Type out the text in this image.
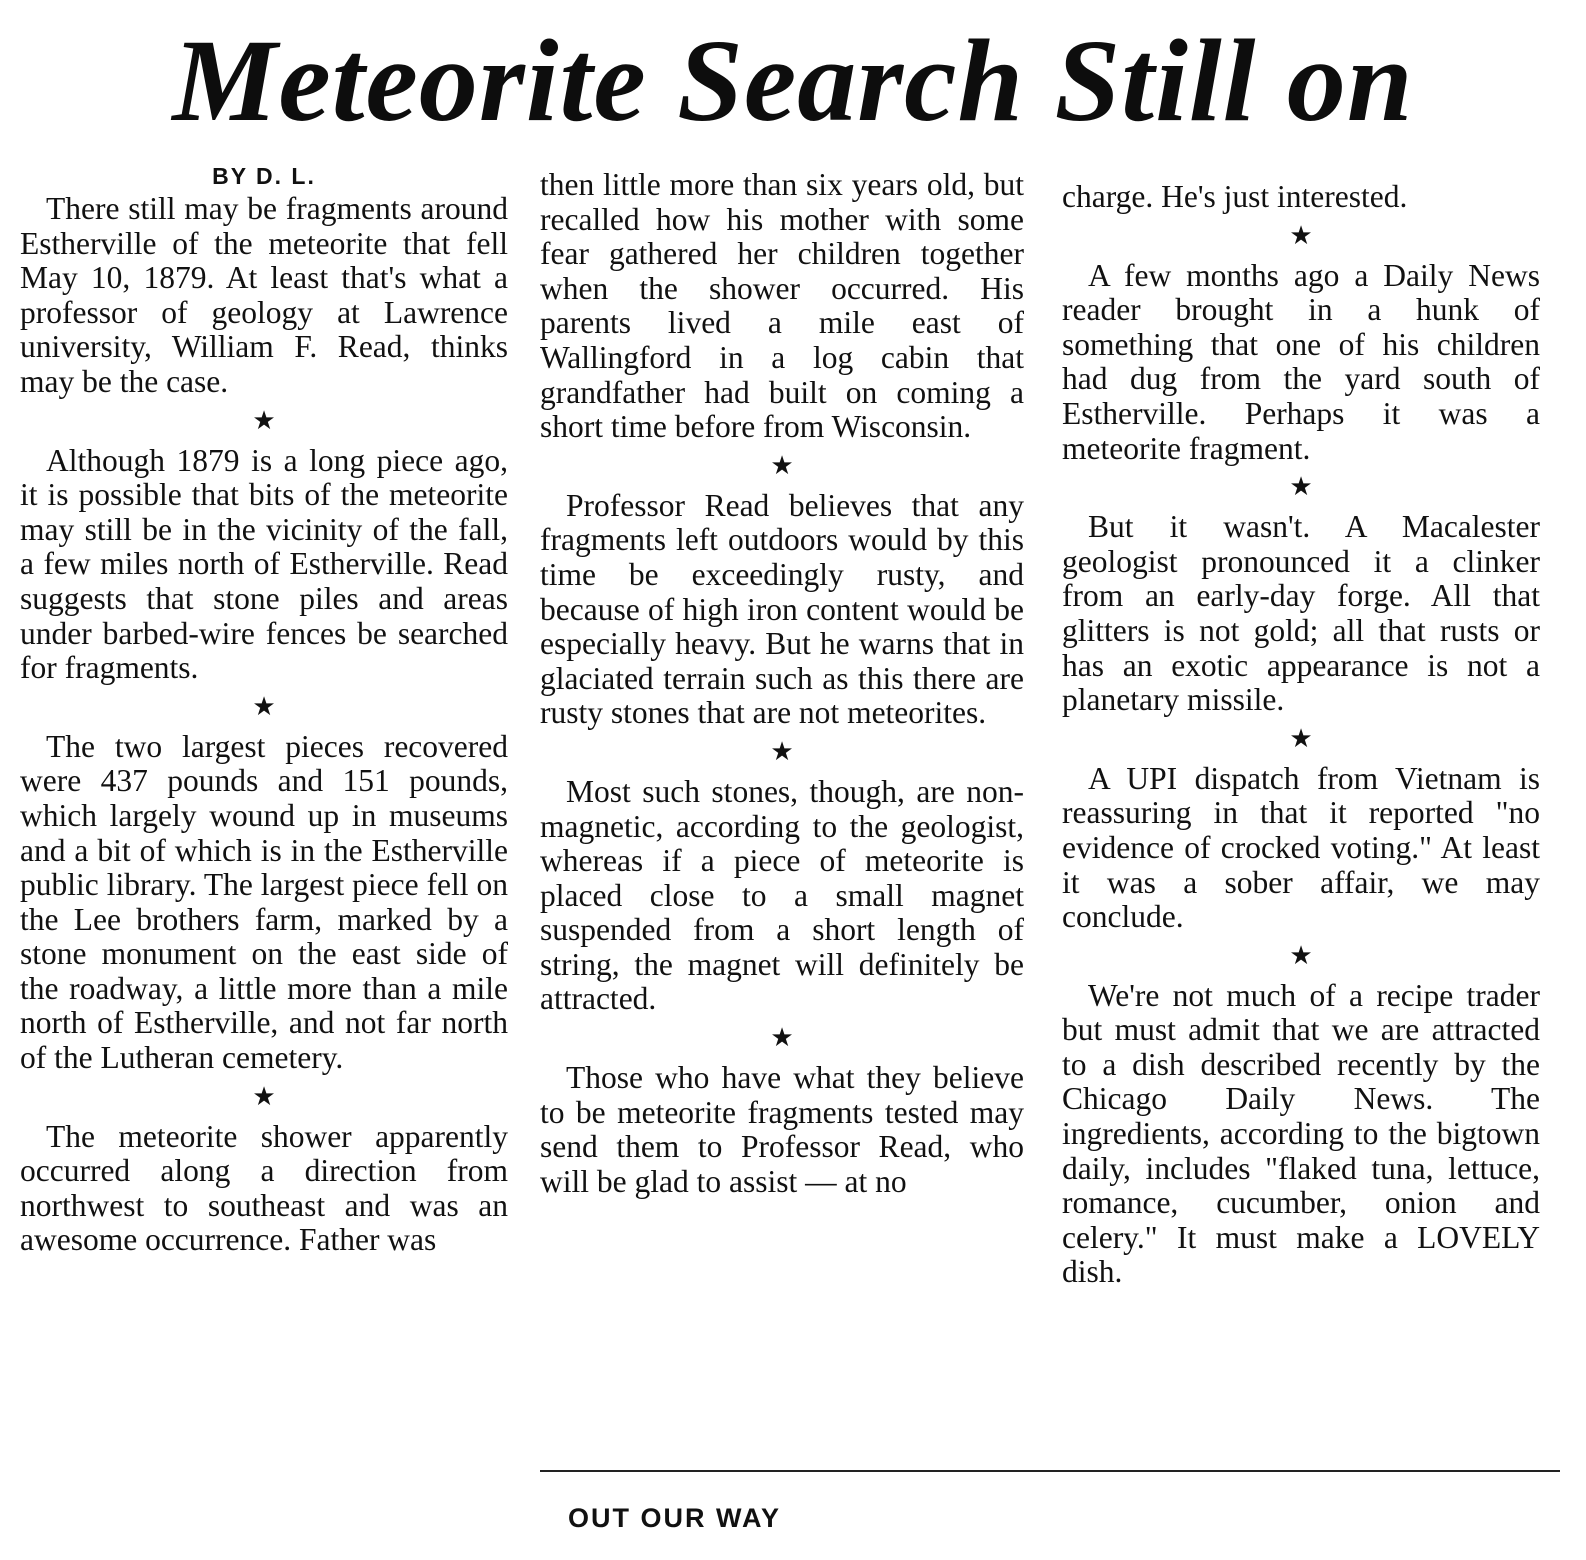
Meteorite Search Still on
BY D. L.

There still may be fragments around Estherville of the meteorite that fell May 10, 1879. At least that's what a professor of geology at Lawrence university, William F. Read, thinks may be the case.

★

Although 1879 is a long piece ago, it is possible that bits of the meteorite may still be in the vicinity of the fall, a few miles north of Estherville. Read suggests that stone piles and areas under barbed-wire fences be searched for fragments.

★

The two largest pieces recovered were 437 pounds and 151 pounds, which largely wound up in museums and a bit of which is in the Estherville public library. The largest piece fell on the Lee brothers farm, marked by a stone monument on the east side of the roadway, a little more than a mile north of Estherville, and not far north of the Lutheran cemetery.

★

The meteorite shower apparently occurred along a direction from northwest to southeast and was an awesome occurrence. Father was

then little more than six years old, but recalled how his mother with some fear gathered her children together when the shower occurred. His parents lived a mile east of Wallingford in a log cabin that grandfather had built on coming a short time before from Wisconsin.

★

Professor Read believes that any fragments left outdoors would by this time be exceedingly rusty, and because of high iron content would be especially heavy. But he warns that in glaciated terrain such as this there are rusty stones that are not meteorites.

★

Most such stones, though, are non-magnetic, according to the geologist, whereas if a piece of meteorite is placed close to a small magnet suspended from a short length of string, the magnet will definitely be attracted.

★

Those who have what they believe to be meteorite fragments tested may send them to Professor Read, who will be glad to assist — at no

charge. He's just interested.

★

A few months ago a Daily News reader brought in a hunk of something that one of his children had dug from the yard south of Estherville. Perhaps it was a meteorite fragment.

★

But it wasn't. A Macalester geologist pronounced it a clinker from an early-day forge. All that glitters is not gold; all that rusts or has an exotic appearance is not a planetary missile.

★

A UPI dispatch from Vietnam is reassuring in that it reported "no evidence of crocked voting." At least it was a sober affair, we may conclude.

★

We're not much of a recipe trader but must admit that we are attracted to a dish described recently by the Chicago Daily News. The ingredients, according to the bigtown daily, includes "flaked tuna, lettuce, romance, cucumber, onion and celery." It must make a LOVELY dish.

OUT OUR WAY
